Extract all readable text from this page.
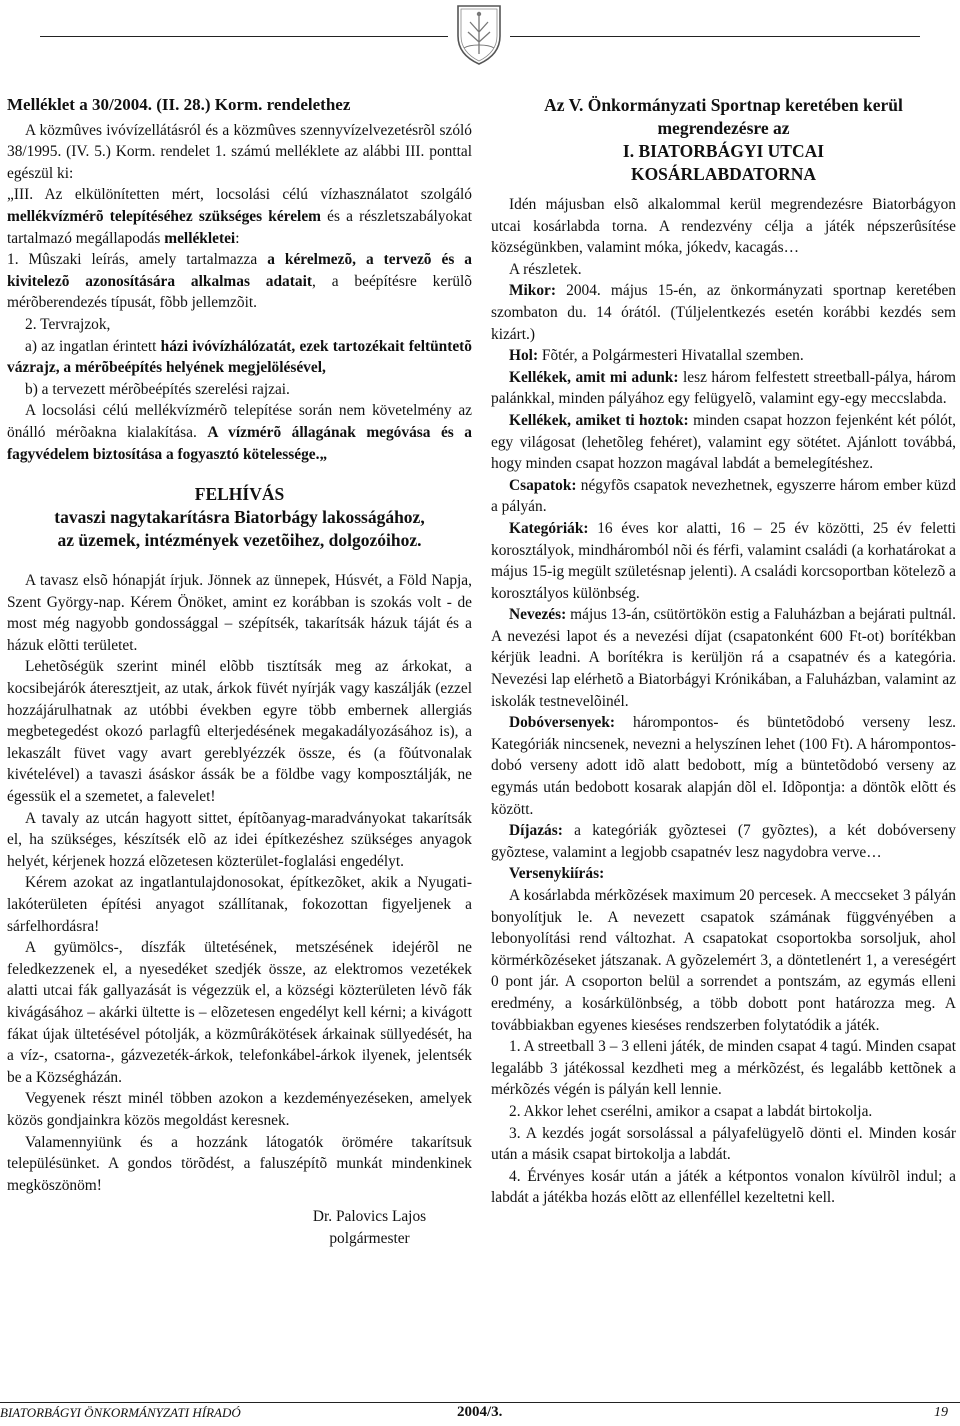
Melléklet a 30/2004. (II. 28.) Korm. rendelethez

A közmûves ivóvízellátásról és a közmûves szennyvízelvezetésrõl szóló 38/1995. (IV. 5.) Korm. rendelet 1. számú melléklete az alábbi III. ponttal egészül ki:

„III. Az elkülönítetten mért, locsolási célú vízhasználatot szolgáló mellékvízmérõ telepítéséhez szükséges kérelem és a részletszabályokat tartalmazó megállapodás mellékletei:

1. Mûszaki leírás, amely tartalmazza a kérelmezõ, a tervezõ és a kivitelezõ azonosítására alkalmas adatait, a beépítésre kerülõ mérõberendezés típusát, fõbb jellemzõit.

2. Tervrajzok,

a) az ingatlan érintett házi ivóvízhálózatát, ezek tartozékait feltüntetõ vázrajz, a mérõbeépítés helyének megjelölésével,

b) a tervezett mérõbeépítés szerelési rajzai.

A locsolási célú mellékvízmérõ telepítése során nem követelmény az önálló mérõakna kialakítása. A vízmérõ állagának megóvása és a fagyvédelem biztosítása a fogyasztó kötelessége.„

FELHÍVÁS

tavaszi nagytakarításra Biatorbágy lakosságához,

az üzemek, intézmények vezetõihez, dolgozóihoz.

A tavasz elsõ hónapját írjuk. Jönnek az ünnepek, Húsvét, a Föld Napja, Szent György-nap. Kérem Önöket, amint ez korábban is szokás volt - de most még nagyobb gondossággal – szépítsék, takarítsák házuk táját és a házuk elõtti területet.

Lehetõségük szerint minél elõbb tisztítsák meg az árkokat, a kocsibejárók áteresztjeit, az utak, árkok füvét nyírják vagy kaszálják (ezzel hozzájárulhatnak az utóbbi években egyre több embernek allergiás megbetegedést okozó parlagfû elterjedésének megakadályozásához is), a lekaszált füvet vagy avart gereblyézzék össze, és (a fõútvonalak kivételével) a tavaszi ásáskor ássák be a földbe vagy komposztálják, ne égessük el a szemetet, a falevelet!

A tavaly az utcán hagyott sittet, építõanyag-maradványokat takarítsák el, ha szükséges, készítsék elõ az idei építkezéshez szükséges anyagok helyét, kérjenek hozzá elõzetesen közterület-foglalási engedélyt.

Kérem azokat az ingatlantulajdonosokat, építkezõket, akik a Nyugati-lakóterületen építési anyagot szállítanak, fokozottan figyeljenek a sárfelhordásra!

A gyümölcs-, díszfák ültetésének, metszésének idejérõl ne feledkezzenek el, a nyesedéket szedjék össze, az elektromos vezetékek alatti utcai fák gallyazását is végezzük el, a községi közterületen lévõ fák kivágásához – akárki ültette is – elõzetesen engedélyt kell kérni; a kivágott fákat újak ültetésével pótolják, a közmûrákötések árkainak süllyedését, ha a víz-, csatorna-, gázvezeték-árkok, telefonkábel-árkok ilyenek, jelentsék be a Községházán.

Vegyenek részt minél többen azokon a kezdeményezéseken, amelyek közös gondjainkra közös megoldást keresnek.

Valamennyiünk és a hozzánk látogatók örömére takarítsuk településünket. A gondos törõdést, a faluszépítõ munkát mindenkinek megköszönöm!

Dr. Palovics Lajos
polgármester

Az V. Önkormányzati Sportnap keretében kerül

megrendezésre az

I. BIATORBÁGYI UTCAI

KOSÁRLABDATORNA

Idén májusban elsõ alkalommal kerül megrendezésre Biatorbágyon utcai kosárlabda torna. A rendezvény célja a játék népszerûsítése községünkben, valamint móka, jókedv, kacagás…

A részletek.

Mikor: 2004. május 15-én, az önkormányzati sportnap keretében szombaton du. 14 órától. (Túljelentkezés esetén korábbi kezdés sem kizárt.)

Hol: Fõtér, a Polgármesteri Hivatallal szemben.

Kellékek, amit mi adunk: lesz három felfestett streetball-pálya, három palánkkal, minden pályához egy felügyelõ, valamint egy-egy meccslabda.

Kellékek, amiket ti hoztok: minden csapat hozzon fejenként két pólót, egy világosat (lehetõleg fehéret), valamint egy sötétet. Ajánlott továbbá, hogy minden csapat hozzon magával labdát a bemelegítéshez.

Csapatok: négyfõs csapatok nevezhetnek, egyszerre három ember küzd a pályán.

Kategóriák: 16 éves kor alatti, 16 – 25 év közötti, 25 év feletti korosztályok, mindháromból nõi és férfi, valamint családi (a korhatárokat a május 15-ig megült születésnap jelenti). A családi korcsoportban kötelezõ a korosztályos különbség.

Nevezés: május 13-án, csütörtökön estig a Faluházban a bejárati pultnál. A nevezési lapot és a nevezési díjat (csapatonként 600 Ft-ot) borítékban kérjük leadni. A borítékra is kerüljön rá a csapatnév és a kategória. Nevezési lap elérhetõ a Biatorbágyi Krónikában, a Faluházban, valamint az iskolák testnevelõinél.

Dobóversenyek: hárompontos- és büntetõdobó verseny lesz. Kategóriák nincsenek, nevezni a helyszínen lehet (100 Ft). A hárompontos-dobó verseny adott idõ alatt bedobott, míg a büntetõdobó verseny az egymás után bedobott kosarak alapján dõl el. Idõpontja: a döntõk elõtt és között.

Díjazás: a kategóriák gyõztesei (7 gyõztes), a két dobóverseny gyõztese, valamint a legjobb csapatnév lesz nagydobra verve…

Versenykiírás:

A kosárlabda mérkõzések maximum 20 percesek. A meccseket 3 pályán bonyolítjuk le. A nevezett csapatok számának függvényében a lebonyolítási rend változhat. A csapatokat csoportokba sorsoljuk, ahol körmérkõzéseket játszanak. A gyõzelemért 3, a döntetlenért 1, a vereségért 0 pont jár. A csoporton belül a sorrendet a pontszám, az egymás elleni eredmény, a kosárkülönbség, a több dobott pont határozza meg. A továbbiakban egyenes kieséses rendszerben folytatódik a játék.

1. A streetball 3 – 3 elleni játék, de minden csapat 4 tagú. Minden csapat legalább 3 játékossal kezdheti meg a mérkõzést, és legalább kettõnek a mérkõzés végén is pályán kell lennie.

2. Akkor lehet cserélni, amikor a csapat a labdát birtokolja.

3. A kezdés jogát sorsolással a pályafelügyelõ dönti el. Minden kosár után a másik csapat birtokolja a labdát.

4. Érvényes kosár után a játék a kétpontos vonalon kívülrõl indul; a labdát a játékba hozás elõtt az ellenféllel kezeltetni kell.

BIATORBÁGYI ÖNKORMÁNYZATI HÍRADÓ	2004/3.	19
